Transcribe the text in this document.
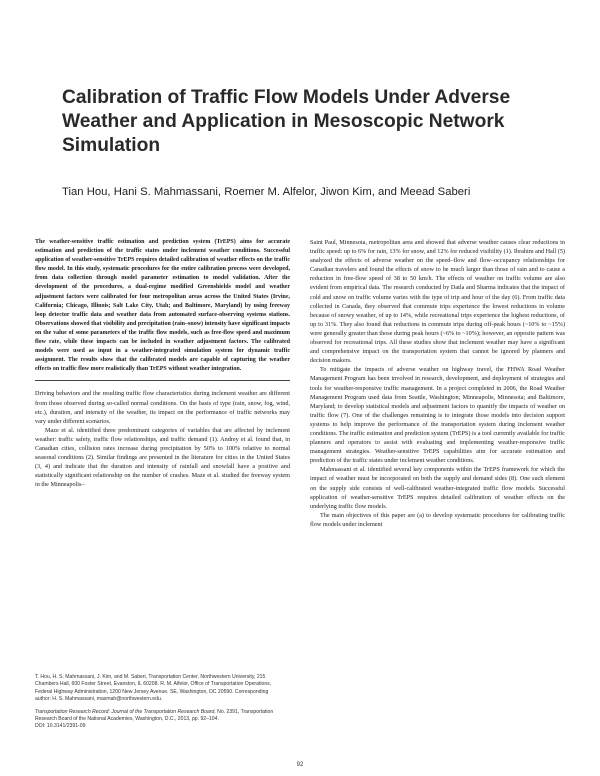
Calibration of Traffic Flow Models Under Adverse Weather and Application in Mesoscopic Network Simulation
Tian Hou, Hani S. Mahmassani, Roemer M. Alfelor, Jiwon Kim, and Meead Saberi

The weather-sensitive traffic estimation and prediction system (TrEPS) aims for accurate estimation and prediction of the traffic states under inclement weather conditions. Successful application of weather-sensitive TrEPS requires detailed calibration of weather effects on the traffic flow model. In this study, systematic procedures for the entire calibration process were developed, from data collection through model parameter estimation to model validation. After the development of the procedures, a dual-regime modified Greenshields model and weather adjustment factors were calibrated for four metropolitan areas across the United States (Irvine, California; Chicago, Illinois; Salt Lake City, Utah; and Baltimore, Maryland) by using freeway loop detector traffic data and weather data from automated surface-observing systems stations. Observations showed that visibility and precipitation (rain–snow) intensity have significant impacts on the value of some parameters of the traffic flow models, such as free-flow speed and maximum flow rate, while these impacts can be included in weather adjustment factors. The calibrated models were used as input in a weather-integrated simulation system for dynamic traffic assignment. The results show that the calibrated models are capable of capturing the weather effects on traffic flow more realistically than TrEPS without weather integration.

Driving behaviors and the resulting traffic flow characteristics during inclement weather are different from those observed during so-called normal conditions. On the basis of type (rain, snow, fog, wind, etc.), duration, and intensity of the weather, its impact on the performance of traffic networks may vary under different scenarios.

Maze et al. identified three predominant categories of variables that are affected by inclement weather: traffic safety, traffic flow relationships, and traffic demand (1). Andrey et al. found that, in Canadian cities, collision rates increase during precipitation by 50% to 100% relative to normal seasonal conditions (2). Similar findings are presented in the literature for cities in the United States (3, 4) and indicate that the duration and intensity of rainfall and snowfall have a positive and statistically significant relationship on the number of crashes. Maze et al. studied the freeway system in the Minneapolis–

Saint Paul, Minnesota, metropolitan area and showed that adverse weather causes clear reductions in traffic speed: up to 6% for rain, 13% for snow, and 12% for reduced visibility (1). Ibrahim and Hall (5) analyzed the effects of adverse weather on the speed–flow and flow–occupancy relationships for Canadian travelers and found the effects of snow to be much larger than those of rain and to cause a reduction in free-flow speed of 38 to 50 km/h. The effects of weather on traffic volume are also evident from empirical data. The research conducted by Datla and Sharma indicates that the impact of cold and snow on traffic volume varies with the type of trip and hour of the day (6). From traffic data collected in Canada, they observed that commute trips experience the lowest reductions in volume because of snowy weather, of up to 14%, while recreational trips experience the highest reductions, of up to 31%. They also found that reductions in commute trips during off-peak hours (~10% to ~15%) were generally greater than those during peak hours (~6% to ~10%); however, an opposite pattern was observed for recreational trips. All these studies show that inclement weather may have a significant and comprehensive impact on the transportation system that cannot be ignored by planners and decision makers.

To mitigate the impacts of adverse weather on highway travel, the FHWA Road Weather Management Program has been involved in research, development, and deployment of strategies and tools for weather-responsive traffic management. In a project completed in 2006, the Road Weather Management Program used data from Seattle, Washington; Minneapolis, Minnesota; and Baltimore, Maryland; to develop statistical models and adjustment factors to quantify the impacts of weather on traffic flow (7). One of the challenges remaining is to integrate those models into decision support systems to help improve the performance of the transportation system during inclement weather conditions. The traffic estimation and prediction system (TrEPS) is a tool currently available for traffic planners and operators to assist with evaluating and implementing weather-responsive traffic management strategies. Weather-sensitive TrEPS capabilities aim for accurate estimation and prediction of the traffic states under inclement weather conditions.

Mahmassani et al. identified several key components within the TrEPS framework for which the impact of weather must be incorporated on both the supply and demand sides (8). One such element on the supply side consists of well-calibrated weather-integrated traffic flow models. Successful application of weather-sensitive TrEPS requires detailed calibration of weather effects on the underlying traffic flow models.

The main objectives of this paper are (a) to develop systematic procedures for calibrating traffic flow models under inclement

T. Hou, H. S. Mahmassani, J. Kim, and M. Saberi, Transportation Center, Northwestern University, 215 Chambers Hall, 600 Foster Street, Evanston, IL 60208. R. M. Alfelor, Office of Transportation Operations, Federal Highway Administration, 1200 New Jersey Avenue, SE, Washington, DC 20590. Corresponding author: H. S. Mahmassani, masmah@northwestern.edu.

Transportation Research Record: Journal of the Transportation Research Board, No. 2391, Transportation Research Board of the National Academies, Washington, D.C., 2013, pp. 92–104.

DOI: 10.3141/2391-09

92
